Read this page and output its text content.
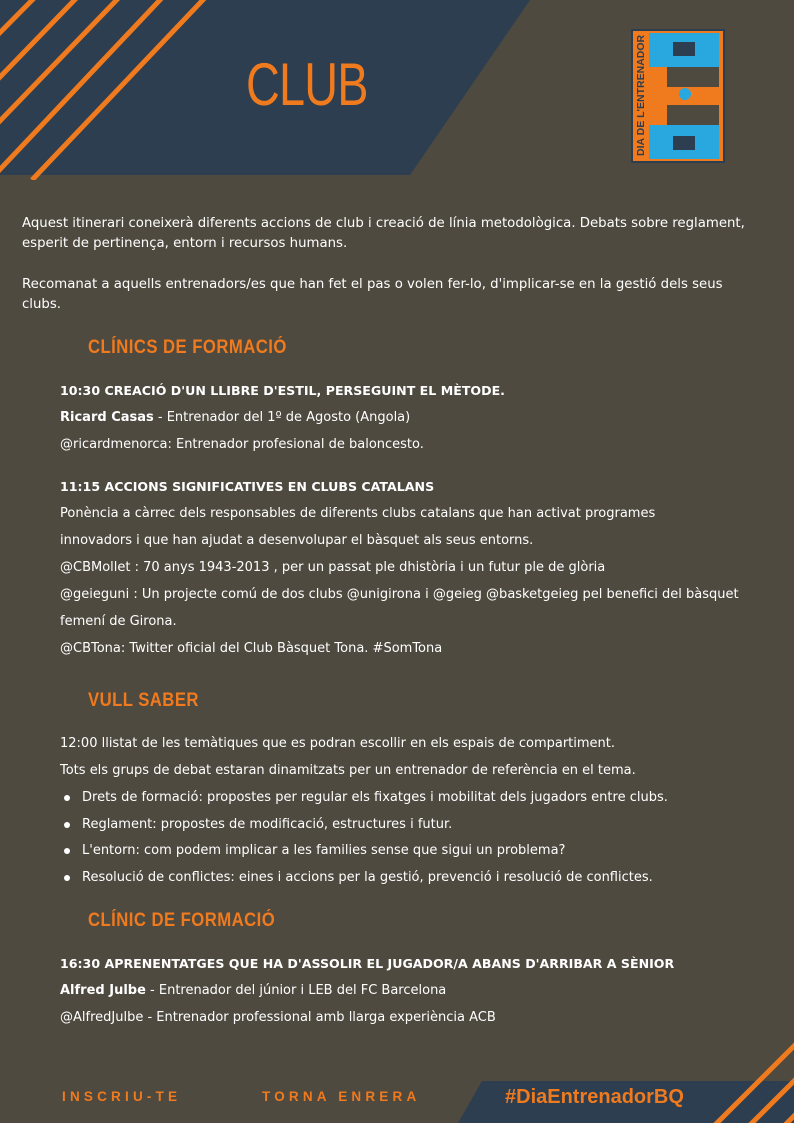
CLUB	DIA DE L'ENTRENADOR
Aquest itinerari coneixerà diferents accions de club i creació de línia metodològica. Debats sobre reglament, esperit de pertinença, entorn i recursos humans.
Recomanat a aquells entrenadors/es que han fet el pas o volen fer-lo, d'implicar-se en la gestió dels seus clubs.
CLÍNICS DE FORMACIÓ
10:30 CREACIÓ D'UN LLIBRE D'ESTIL, PERSEGUINT EL MÈTODE.
Ricard Casas - Entrenador del 1º de Agosto (Angola)
@ricardmenorca: Entrenador profesional de baloncesto.
11:15 ACCIONS SIGNIFICATIVES EN CLUBS CATALANS
Ponència a càrrec dels responsables de diferents clubs catalans que han activat programes
innovadors i que han ajudat a desenvolupar el bàsquet als seus entorns.
@CBMollet : 70 anys 1943-2013 , per un passat ple dhistòria i un futur ple de glòria
@geieguni : Un projecte comú de dos clubs @unigirona i @geieg @basketgeieg pel benefici del bàsquet
femení de Girona.
@CBTona: Twitter oficial del Club Bàsquet Tona. #SomTona
VULL SABER
12:00 llistat de les temàtiques que es podran escollir en els espais de compartiment.
Tots els grups de debat estaran dinamitzats per un entrenador de referència en el tema.
Drets de formació: propostes per regular els fixatges i mobilitat dels jugadors entre clubs.
Reglament: propostes de modificació, estructures i futur.
L'entorn: com podem implicar a les families sense que sigui un problema?
Resolució de conflictes: eines i accions per la gestió, prevenció i resolució de conflictes.
CLÍNIC DE FORMACIÓ
16:30 APRENENTATGES QUE HA D'ASSOLIR EL JUGADOR/A ABANS D'ARRIBAR A SÈNIOR
Alfred Julbe - Entrenador del júnior i LEB del FC Barcelona
@AlfredJulbe - Entrenador professional amb llarga experiència ACB
INSCRIU-TE	TORNA ENRERA	#DiaEntrenadorBQ
